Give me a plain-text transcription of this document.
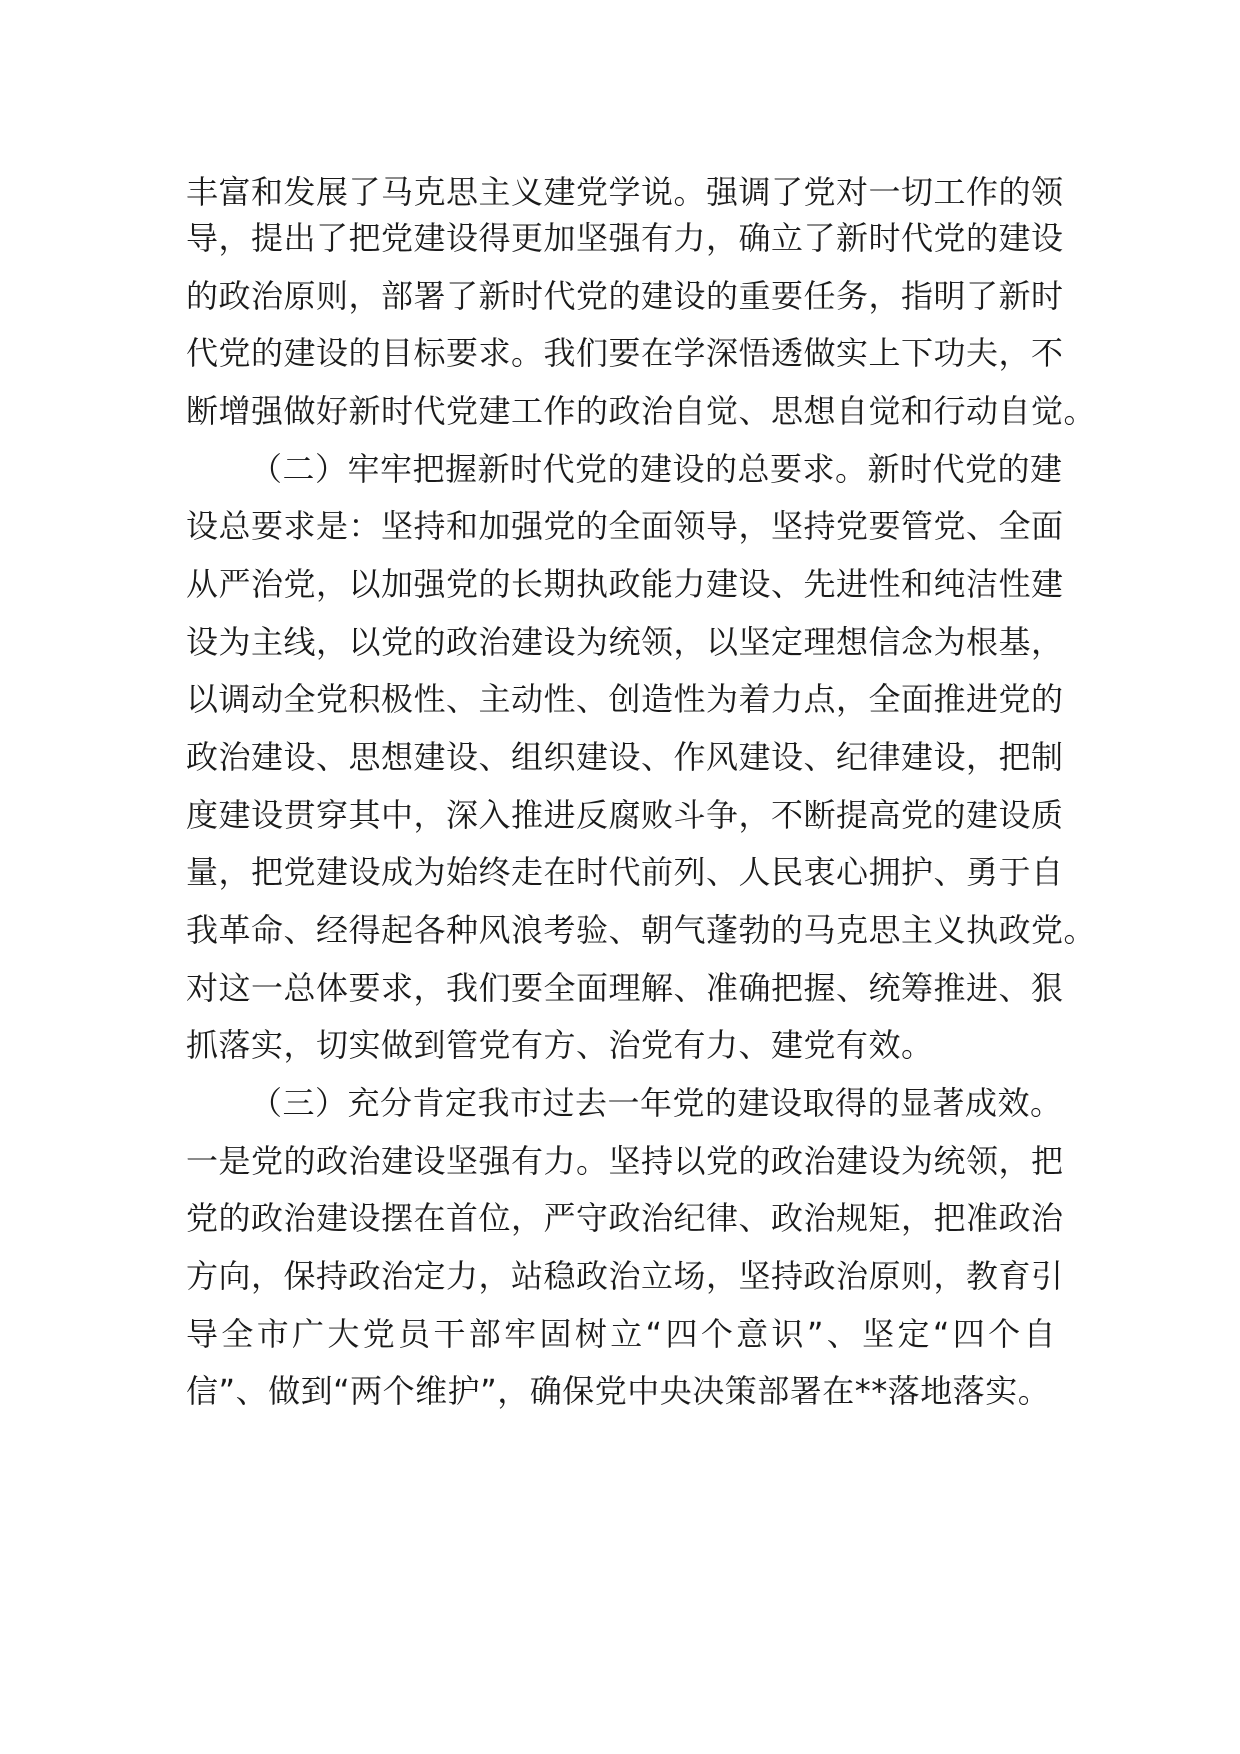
丰富和发展了马克思主义建党学说。强调了党对一切工作的领

导，提出了把党建设得更加坚强有力，确立了新时代党的建设

的政治原则，部署了新时代党的建设的重要任务，指明了新时

代党的建设的目标要求。我们要在学深悟透做实上下功夫，不

断增强做好新时代党建工作的政治自觉、思想自觉和行动自觉。

（二）牢牢把握新时代党的建设的总要求。新时代党的建

设总要求是：坚持和加强党的全面领导，坚持党要管党、全面

从严治党，以加强党的长期执政能力建设、先进性和纯洁性建

设为主线，以党的政治建设为统领，以坚定理想信念为根基，

以调动全党积极性、主动性、创造性为着力点，全面推进党的

政治建设、思想建设、组织建设、作风建设、纪律建设，把制

度建设贯穿其中，深入推进反腐败斗争，不断提高党的建设质

量，把党建设成为始终走在时代前列、人民衷心拥护、勇于自

我革命、经得起各种风浪考验、朝气蓬勃的马克思主义执政党。

对这一总体要求，我们要全面理解、准确把握、统筹推进、狠

抓落实，切实做到管党有方、治党有力、建党有效。

（三）充分肯定我市过去一年党的建设取得的显著成效。

一是党的政治建设坚强有力。坚持以党的政治建设为统领，把

党的政治建设摆在首位，严守政治纪律、政治规矩，把准政治

方向，保持政治定力，站稳政治立场，坚持政治原则，教育引

导全市广大党员干部牢固树立“四个意识”、坚定“四个自

信”、做到“两个维护”，确保党中央决策部署在**落地落实。
